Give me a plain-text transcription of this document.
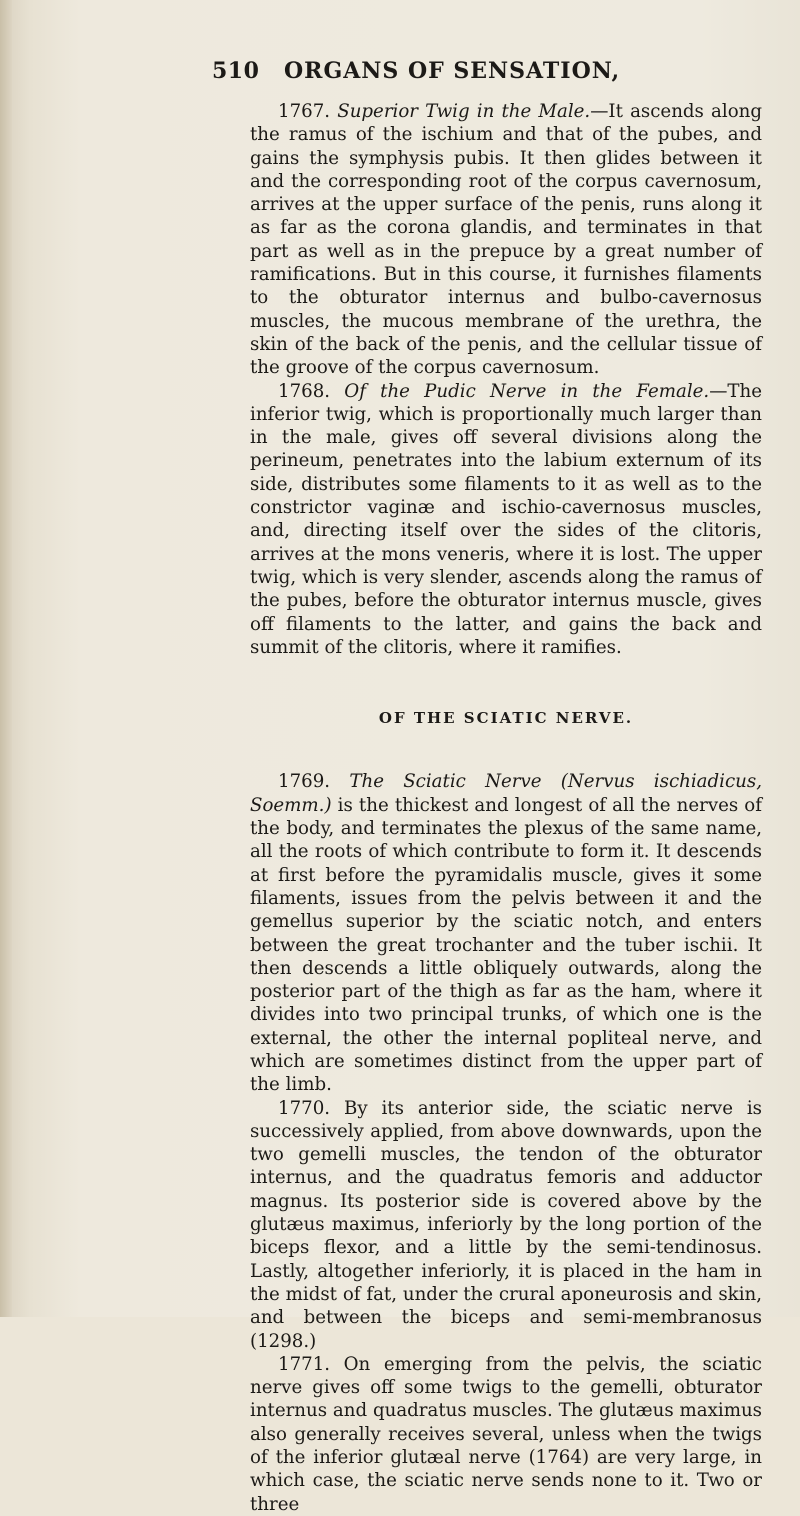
510 ORGANS OF SENSATION,

1767. Superior Twig in the Male.—It ascends along the ramus of the ischium and that of the pubes, and gains the symphysis pubis. It then glides between it and the corresponding root of the corpus cavernosum, arrives at the upper surface of the penis, runs along it as far as the corona glandis, and terminates in that part as well as in the prepuce by a great number of ramifications. But in this course, it furnishes filaments to the obturator internus and bulbo-cavernosus muscles, the mucous membrane of the urethra, the skin of the back of the penis, and the cellular tissue of the groove of the corpus cavernosum.

1768. Of the Pudic Nerve in the Female.—The inferior twig, which is proportionally much larger than in the male, gives off several divisions along the perineum, penetrates into the labium externum of its side, distributes some filaments to it as well as to the constrictor vaginæ and ischio-cavernosus muscles, and, directing itself over the sides of the clitoris, arrives at the mons veneris, where it is lost. The upper twig, which is very slender, ascends along the ramus of the pubes, before the obturator internus muscle, gives off filaments to the latter, and gains the back and summit of the clitoris, where it ramifies.

OF THE SCIATIC NERVE.

1769. The Sciatic Nerve (Nervus ischiadicus, Soemm.) is the thickest and longest of all the nerves of the body, and terminates the plexus of the same name, all the roots of which contribute to form it. It descends at first before the pyramidalis muscle, gives it some filaments, issues from the pelvis between it and the gemellus superior by the sciatic notch, and enters between the great trochanter and the tuber ischii. It then descends a little obliquely outwards, along the posterior part of the thigh as far as the ham, where it divides into two principal trunks, of which one is the external, the other the internal popliteal nerve, and which are sometimes distinct from the upper part of the limb.

1770. By its anterior side, the sciatic nerve is successively applied, from above downwards, upon the two gemelli muscles, the tendon of the obturator internus, and the quadratus femoris and adductor magnus. Its posterior side is covered above by the glutæus maximus, inferiorly by the long portion of the biceps flexor, and a little by the semi-tendinosus. Lastly, altogether inferiorly, it is placed in the ham in the midst of fat, under the crural aponeurosis and skin, and between the biceps and semi-membranosus (1298.)

1771. On emerging from the pelvis, the sciatic nerve gives off some twigs to the gemelli, obturator internus and quadratus muscles. The glutæus maximus also generally receives several, unless when the twigs of the inferior glutæal nerve (1764) are very large, in which case, the sciatic nerve sends none to it. Two or three
